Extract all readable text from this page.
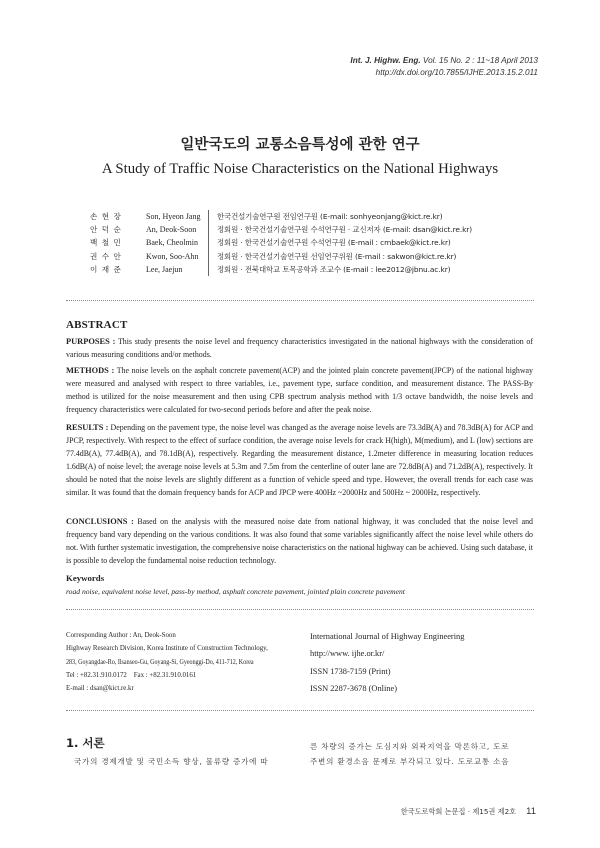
Int. J. Highw. Eng. Vol. 15 No. 2 : 11~18 April 2013
http://dx.doi.org/10.7855/IJHE.2013.15.2.011
일반국도의 교통소음특성에 관한 연구
A Study of Traffic Noise Characteristics on the National Highways
손 현 장	Son, Hyeon Jang	한국건설기술연구원 전임연구원 (E-mail: sonhyeonjang@kict.re.kr)
안 덕 순	An, Deok-Soon	정회원 · 한국건설기술연구원 수석연구원 · 교신저자 (E-mail: dsan@kict.re.kr)
백 철 민	Baek, Cheolmin	정회원 · 한국건설기술연구원 수석연구원 (E-mail : cmbaek@kict.re.kr)
권 수 안	Kwon, Soo-Ahn	정회원 · 한국건설기술연구원 선임연구위원 (E-mail : sakwon@kict.re.kr)
이 재 준	Lee, Jaejun	정회원 · 전북대학교 토목공학과 조교수 (E-mail : lee2012@jbnu.ac.kr)
ABSTRACT
PURPOSES : This study presents the noise level and frequency characteristics investigated in the national highways with the consideration of various measuring conditions and/or methods.
METHODS : The noise levels on the asphalt concrete pavement(ACP) and the jointed plain concrete pavement(JPCP) of the national highway were measured and analysed with respect to three variables, i.e., pavement type, surface condition, and measurement distance. The PASS-By method is utilized for the noise measurement and then using CPB spectrum analysis method with 1/3 octave bandwidth, the noise levels and frequency characteristics were calculated for two-second periods before and after the peak noise.
RESULTS : Depending on the pavement type, the noise level was changed as the average noise levels are 73.3dB(A) and 78.3dB(A) for ACP and JPCP, respectively. With respect to the effect of surface condition, the average noise levels for crack H(high), M(medium), and L (low) sections are 77.4dB(A), 77.4dB(A), and 78.1dB(A), respectively. Regarding the measurement distance, 1.2meter difference in measuring location reduces 1.6dB(A) of noise level; the average noise levels at 5.3m and 7.5m from the centerline of outer lane are 72.8dB(A) and 71.2dB(A), respectively. It should be noted that the noise levels are slightly different as a function of vehicle speed and type. However, the overall trends for each case was similar. It was found that the domain frequency bands for ACP and JPCP were 400Hz ~2000Hz and 500Hz ~ 2000Hz, respectively.
CONCLUSIONS : Based on the analysis with the measured noise date from national highway, it was concluded that the noise level and frequency band vary depending on the various conditions. It was also found that some variables significantly affect the noise level while others do not. With further systematic investigation, the comprehensive noise characteristics on the national highway can be achieved. Using such database, it is possible to develop the fundamental noise reduction technology.
Keywords
road noise, equivalent noise level, pass-by method, asphalt concrete pavement, jointed plain concrete pavement
Corresponding Author : An, Deok-Soon
Highway Research Division, Korea Institute of Construction Technology,
283, Goyangdae-Ro, Ilsanseo-Gu, Goyang-Si, Gyeonggi-Do, 411-712, Korea
Tel : +82.31.910.0172    Fax : +82.31.910.0161
E-mail : dsan@kict.re.kr
International Journal of Highway Engineering
http://www. ijhe.or.kr/
ISSN 1738-7159 (Print)
ISSN 2287-3678 (Online)
1. 서론
국가의 경제개발 및 국민소득 향상, 물류량 증가에 따
른 차량의 증가는 도심지와 외곽지역을 막론하고, 도로
주변의 환경소음 문제로 부각되고 있다. 도로교통 소음
한국도로학회 논문집 · 제15권 제2호 11
